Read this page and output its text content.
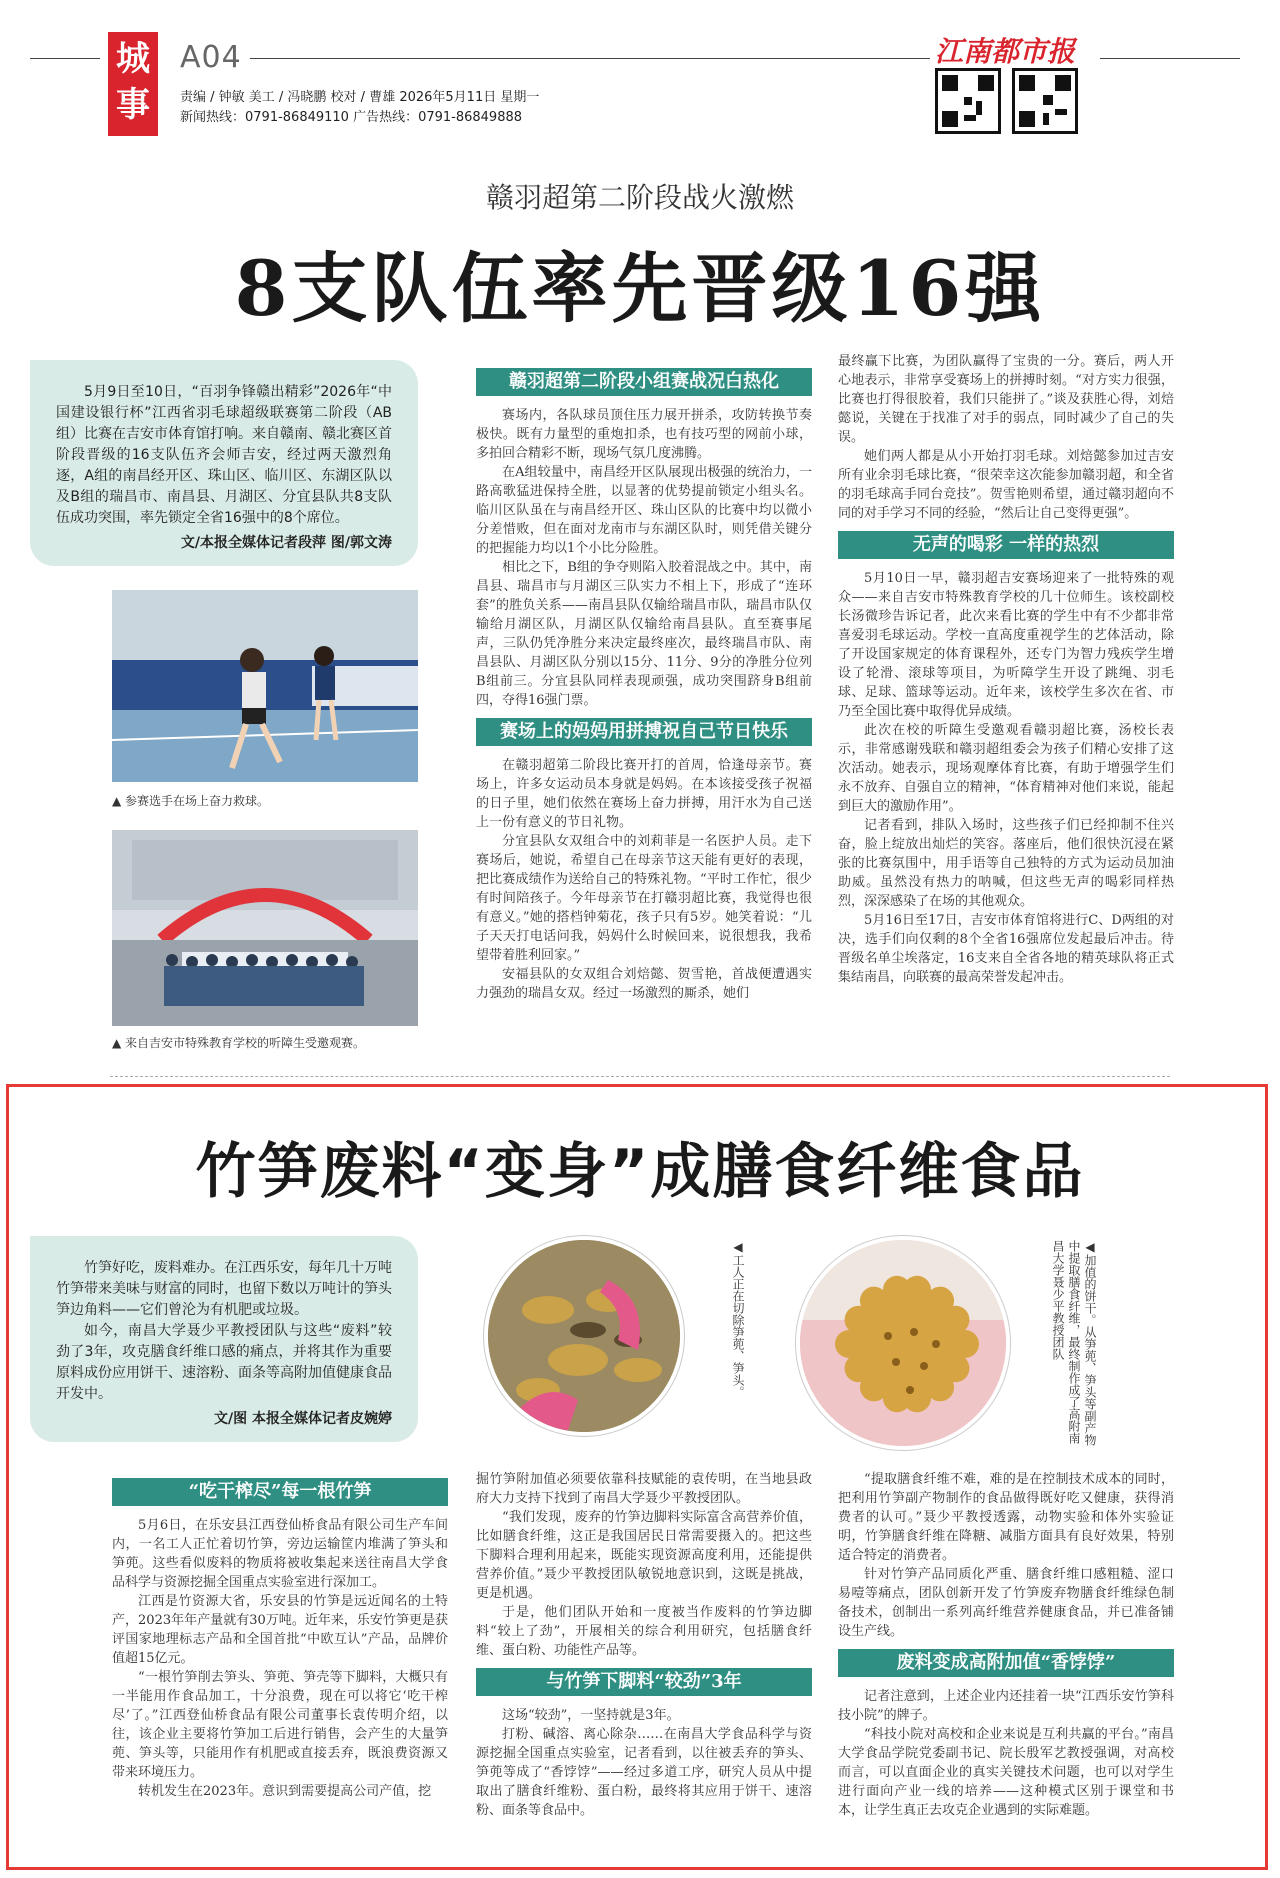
城
事
A04
责编 / 钟敏 美工 / 冯晓鹏 校对 / 曹雄 2026年5月11日 星期一
新闻热线：0791-86849110 广告热线：0791-86849888
江南都市报
赣羽超第二阶段战火激燃
8支队伍率先晋级16强

5月9日至10日，“百羽争锋赣出精彩”2026年“中国建设银行杯”江西省羽毛球超级联赛第二阶段（AB组）比赛在吉安市体育馆打响。来自赣南、赣北赛区首阶段晋级的16支队伍齐会师吉安，经过两天激烈角逐，A组的南昌经开区、珠山区、临川区、东湖区队以及B组的瑞昌市、南昌县、月湖区、分宜县队共8支队伍成功突围，率先锁定全省16强中的8个席位。

文/本报全媒体记者段萍 图/郭文涛

▲ 参赛选手在场上奋力救球。
▲ 来自吉安市特殊教育学校的听障生受邀观赛。
赣羽超第二阶段小组赛战况白热化

赛场内，各队球员顶住压力展开拼杀，攻防转换节奏极快。既有力量型的重炮扣杀，也有技巧型的网前小球，多拍回合精彩不断，现场气氛几度沸腾。

在A组较量中，南昌经开区队展现出极强的统治力，一路高歌猛进保持全胜，以显著的优势提前锁定小组头名。临川区队虽在与南昌经开区、珠山区队的比赛中均以微小分差惜败，但在面对龙南市与东湖区队时，则凭借关键分的把握能力均以1个小比分险胜。

相比之下，B组的争夺则陷入胶着混战之中。其中，南昌县、瑞昌市与月湖区三队实力不相上下，形成了“连环套”的胜负关系——南昌县队仅输给瑞昌市队，瑞昌市队仅输给月湖区队，月湖区队仅输给南昌县队。直至赛事尾声，三队仍凭净胜分来决定最终座次，最终瑞昌市队、南昌县队、月湖区队分别以15分、11分、9分的净胜分位列B组前三。分宜县队同样表现顽强，成功突围跻身B组前四，夺得16强门票。

赛场上的妈妈用拼搏祝自己节日快乐

在赣羽超第二阶段比赛开打的首周，恰逢母亲节。赛场上，许多女运动员本身就是妈妈。在本该接受孩子祝福的日子里，她们依然在赛场上奋力拼搏，用汗水为自己送上一份有意义的节日礼物。

分宜县队女双组合中的刘莉菲是一名医护人员。走下赛场后，她说，希望自己在母亲节这天能有更好的表现，把比赛成绩作为送给自己的特殊礼物。“平时工作忙，很少有时间陪孩子。今年母亲节在打赣羽超比赛，我觉得也很有意义。”她的搭档钟菊花，孩子只有5岁。她笑着说：“儿子天天打电话问我，妈妈什么时候回来，说很想我，我希望带着胜利回家。”

安福县队的女双组合刘焙懿、贺雪艳，首战便遭遇实力强劲的瑞昌女双。经过一场激烈的厮杀，她们

最终赢下比赛，为团队赢得了宝贵的一分。赛后，两人开心地表示，非常享受赛场上的拼搏时刻。“对方实力很强，比赛也打得很胶着，我们只能拼了。”谈及获胜心得，刘焙懿说，关键在于找准了对手的弱点，同时减少了自己的失误。

她们两人都是从小开始打羽毛球。刘焙懿参加过吉安所有业余羽毛球比赛，“很荣幸这次能参加赣羽超，和全省的羽毛球高手同台竞技”。贺雪艳则希望，通过赣羽超向不同的对手学习不同的经验，“然后让自己变得更强”。

无声的喝彩 一样的热烈

5月10日一早，赣羽超吉安赛场迎来了一批特殊的观众——来自吉安市特殊教育学校的几十位师生。该校副校长汤微珍告诉记者，此次来看比赛的学生中有不少都非常喜爱羽毛球运动。学校一直高度重视学生的艺体活动，除了开设国家规定的体育课程外，还专门为智力残疾学生增设了轮滑、滚球等项目，为听障学生开设了跳绳、羽毛球、足球、篮球等运动。近年来，该校学生多次在省、市乃至全国比赛中取得优异成绩。

此次在校的听障生受邀观看赣羽超比赛，汤校长表示，非常感谢残联和赣羽超组委会为孩子们精心安排了这次活动。她表示，现场观摩体育比赛，有助于增强学生们永不放弃、自强自立的精神，“体育精神对他们来说，能起到巨大的激励作用”。

记者看到，排队入场时，这些孩子们已经抑制不住兴奋，脸上绽放出灿烂的笑容。落座后，他们很快沉浸在紧张的比赛氛围中，用手语等自己独特的方式为运动员加油助威。虽然没有热力的呐喊，但这些无声的喝彩同样热烈，深深感染了在场的其他观众。

5月16日至17日，吉安市体育馆将进行C、D两组的对决，选手们向仅剩的8个全省16强席位发起最后冲击。待晋级名单尘埃落定，16支来自全省各地的精英球队将正式集结南昌，向联赛的最高荣誉发起冲击。

竹笋废料“变身”成膳食纤维食品

竹笋好吃，废料难办。在江西乐安，每年几十万吨竹笋带来美味与财富的同时，也留下数以万吨计的笋头笋边角料——它们曾沦为有机肥或垃圾。

如今，南昌大学聂少平教授团队与这些“废料”较劲了3年，攻克膳食纤维口感的痛点，并将其作为重要原料成份应用饼干、速溶粉、面条等高附加值健康食品开发中。

文/图 本报全媒体记者皮婉婷

◀工人正在切除笋蔸、笋头。	◀加值的饼干。从笋蔸、笋头等副产物中提取膳食纤维，最终制作成了高附南昌大学聂少平教授团队
“吃干榨尽”每一根竹笋

5月6日，在乐安县江西登仙桥食品有限公司生产车间内，一名工人正忙着切竹笋，旁边运输筐内堆满了笋头和笋蔸。这些看似废料的物质将被收集起来送往南昌大学食品科学与资源挖掘全国重点实验室进行深加工。

江西是竹资源大省，乐安县的竹笋是远近闻名的土特产，2023年年产量就有30万吨。近年来，乐安竹笋更是获评国家地理标志产品和全国首批“中欧互认”产品，品牌价值超15亿元。

“一根竹笋削去笋头、笋蔸、笋壳等下脚料，大概只有一半能用作食品加工，十分浪费，现在可以将它‘吃干榨尽’了。”江西登仙桥食品有限公司董事长袁传明介绍，以往，该企业主要将竹笋加工后进行销售，会产生的大量笋蔸、笋头等，只能用作有机肥或直接丢弃，既浪费资源又带来环境压力。

转机发生在2023年。意识到需要提高公司产值，挖

掘竹笋附加值必须要依靠科技赋能的袁传明，在当地县政府大力支持下找到了南昌大学聂少平教授团队。

“我们发现，废弃的竹笋边脚料实际富含高营养价值，比如膳食纤维，这正是我国居民日常需要摄入的。把这些下脚料合理利用起来，既能实现资源高度利用，还能提供营养价值。”聂少平教授团队敏锐地意识到，这既是挑战，更是机遇。

于是，他们团队开始和一度被当作废料的竹笋边脚料“较上了劲”，开展相关的综合利用研究，包括膳食纤维、蛋白粉、功能性产品等。

与竹笋下脚料“较劲”3年

这场“较劲”，一坚持就是3年。

打粉、碱溶、离心除杂……在南昌大学食品科学与资源挖掘全国重点实验室，记者看到，以往被丢弃的笋头、笋蔸等成了“香饽饽”——经过多道工序，研究人员从中提取出了膳食纤维粉、蛋白粉，最终将其应用于饼干、速溶粉、面条等食品中。

“提取膳食纤维不难，难的是在控制技术成本的同时，把利用竹笋副产物制作的食品做得既好吃又健康，获得消费者的认可。”聂少平教授透露，动物实验和体外实验证明，竹笋膳食纤维在降糖、减脂方面具有良好效果，特别适合特定的消费者。

针对竹笋产品同质化严重、膳食纤维口感粗糙、涩口易噎等痛点，团队创新开发了竹笋废弃物膳食纤维绿色制备技术，创制出一系列高纤维营养健康食品，并已准备铺设生产线。

废料变成高附加值“香饽饽”

记者注意到，上述企业内还挂着一块“江西乐安竹笋科技小院”的牌子。

“科技小院对高校和企业来说是互利共赢的平台。”南昌大学食品学院党委副书记、院长殷军艺教授强调，对高校而言，可以直面企业的真实关键技术问题，也可以对学生进行面向产业一线的培养——这种模式区别于课堂和书本，让学生真正去攻克企业遇到的实际难题。
